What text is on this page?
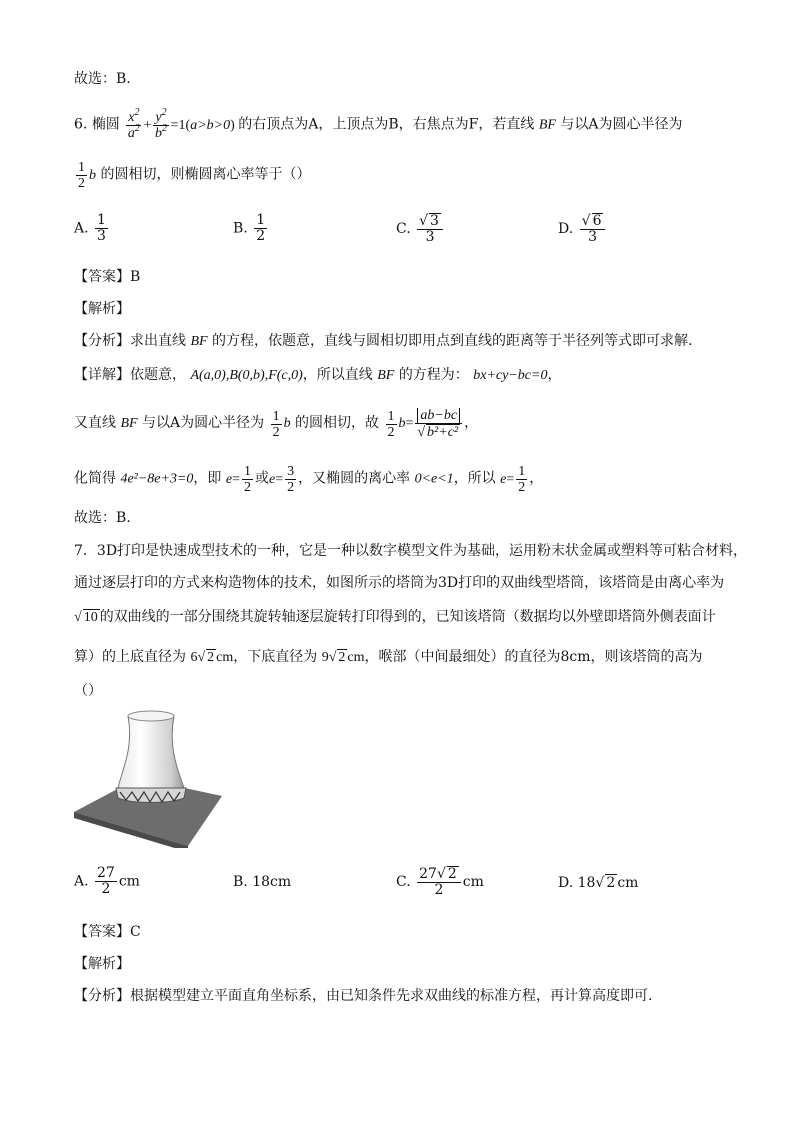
故选：B.
6. 椭圆 $\frac{x^2}{a^2} + \frac{y^2}{b^2} =1(a>b>0)$ 的右顶点为A，上顶点为B，右焦点为F，若直线 BF 与以A为圆心半径为
$\frac{1}{2}$ b 的圆相切，则椭圆离心率等于（）
A. $\frac{1}{3}$	B. $\frac{1}{2}$	C. $\frac{√ 3}{3}$	D. $\frac{√ 6}{3}$
【答案】B
【解析】
【分析】求出直线 BF 的方程，依题意，直线与圆相切即用点到直线的距离等于半径列等式即可求解.
【详解】依题意， A(a,0),B(0,b),F(c,0)，所以直线 BF 的方程为： bx+cy−bc=0，
又直线 BF 与以A为圆心半径为 $\frac{1}{2}$ b 的圆相切，故 $\frac{1}{2} b= \frac{ab-bc}{\text{√ b²+c²}}$ ，
化简得 4e²−8e+3=0，即 $e= \frac{1}{2}$ 或$e= \frac{3}{2}$ ，又椭圆的离心率 0<e<1，所以 $e= \frac{1}{2}$ ，
故选：B.
7．3D打印是快速成型技术的一种，它是一种以数字模型文件为基础，运用粉末状金属或塑料等可粘合材料，
通过逐层打印的方式来构造物体的技术，如图所示的塔筒为3D打印的双曲线型塔筒，该塔筒是由离心率为
√ 10 的双曲线的一部分围绕其旋转轴逐层旋转打印得到的，已知该塔筒（数据均以外壁即塔筒外侧表面计
算）的上底直径为 6√ 2 cm，下底直径为 9√ 2 cm，喉部（中间最细处）的直径为8cm，则该塔筒的高为
（）
A. $\frac{27}{2}$ cm	B. 18cm	C. $\frac{27√ 2}{2}$ cm	D. 18√ 2 cm
【答案】C
【解析】
【分析】根据模型建立平面直角坐标系，由已知条件先求双曲线的标准方程，再计算高度即可.
